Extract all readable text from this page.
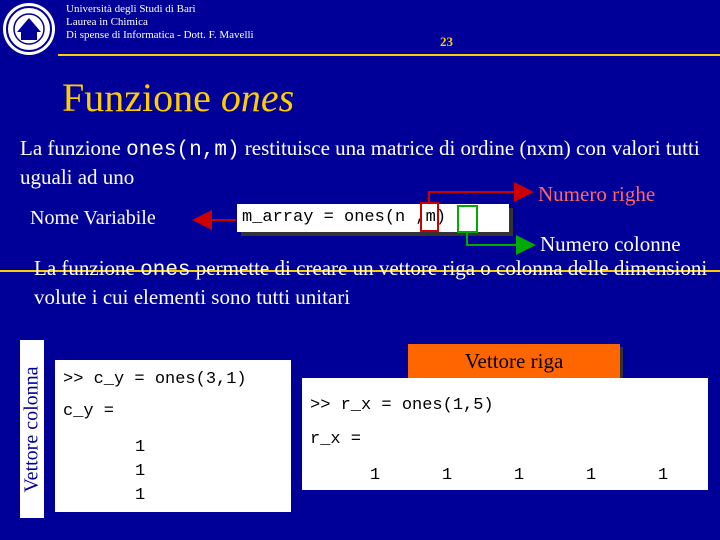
Università degli Studi di Bari
Laurea in Chimica
Di spense di Informatica - Dott. F. Mavelli	23
Funzione ones
La funzione ones(n,m) restituisce una matrice di ordine (nxm) con valori tutti uguali ad uno
Nome Variabile	m_array = ones(n ,m)
Numero righe
Numero colonne
La funzione ones permette di creare un vettore riga o colonna delle dimensioni volute i cui elementi sono tutti unitari
Vettore colonna >> c_y = ones(3,1)
c_y =
1
1
1
Vettore riga
>> r_x = ones(1,5)
r_x =
1	1	1	1	1
